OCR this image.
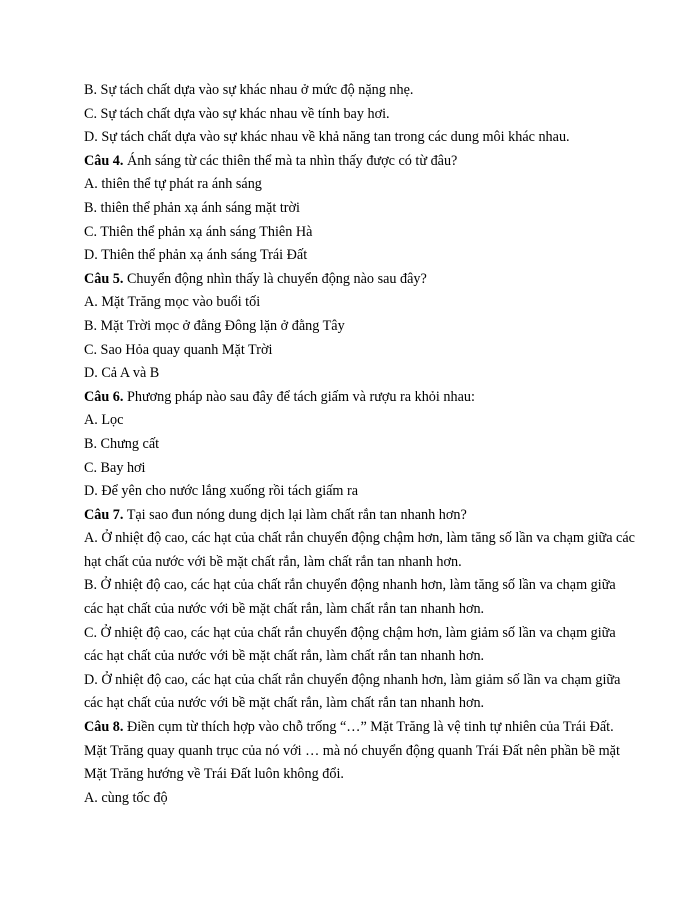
B. Sự tách chất dựa vào sự khác nhau ở mức độ nặng nhẹ.

C. Sự tách chất dựa vào sự khác nhau về tính bay hơi.

D. Sự tách chất dựa vào sự khác nhau về khả năng tan trong các dung môi khác nhau.

Câu 4. Ánh sáng từ các thiên thể mà ta nhìn thấy được có từ đâu?

A. thiên thể tự phát ra ánh sáng

B. thiên thể phản xạ ánh sáng mặt trời

C. Thiên thể phản xạ ánh sáng Thiên Hà

D. Thiên thể phản xạ ánh sáng Trái Đất

Câu 5. Chuyển động nhìn thấy là chuyển động nào sau đây?

A. Mặt Trăng mọc vào buổi tối

B. Mặt Trời mọc ở đằng Đông lặn ở đằng Tây

C. Sao Hỏa quay quanh Mặt Trời

D. Cả A và B

Câu 6. Phương pháp nào sau đây để tách giấm và rượu ra khỏi nhau:

A. Lọc

B. Chưng cất

C. Bay hơi

D. Để yên cho nước lắng xuống rồi tách giấm ra

Câu 7. Tại sao đun nóng dung dịch lại làm chất rắn tan nhanh hơn?

A. Ở nhiệt độ cao, các hạt của chất rắn chuyển động chậm hơn, làm tăng số lần va chạm giữa các

hạt chất của nước với bề mặt chất rắn, làm chất rắn tan nhanh hơn.

B. Ở nhiệt độ cao, các hạt của chất rắn chuyển động nhanh hơn, làm tăng số lần va chạm giữa

các hạt chất của nước với bề mặt chất rắn, làm chất rắn tan nhanh hơn.

C. Ở nhiệt độ cao, các hạt của chất rắn chuyển động chậm hơn, làm giảm số lần va chạm giữa

các hạt chất của nước với bề mặt chất rắn, làm chất rắn tan nhanh hơn.

D. Ở nhiệt độ cao, các hạt của chất rắn chuyển động nhanh hơn, làm giảm số lần va chạm giữa

các hạt chất của nước với bề mặt chất rắn, làm chất rắn tan nhanh hơn.

Câu 8. Điền cụm từ thích hợp vào chỗ trống “…” Mặt Trăng là vệ tinh tự nhiên của Trái Đất.

Mặt Trăng quay quanh trục của nó với … mà nó chuyển động quanh Trái Đất nên phần bề mặt

Mặt Trăng hướng về Trái Đất luôn không đổi.

A. cùng tốc độ
